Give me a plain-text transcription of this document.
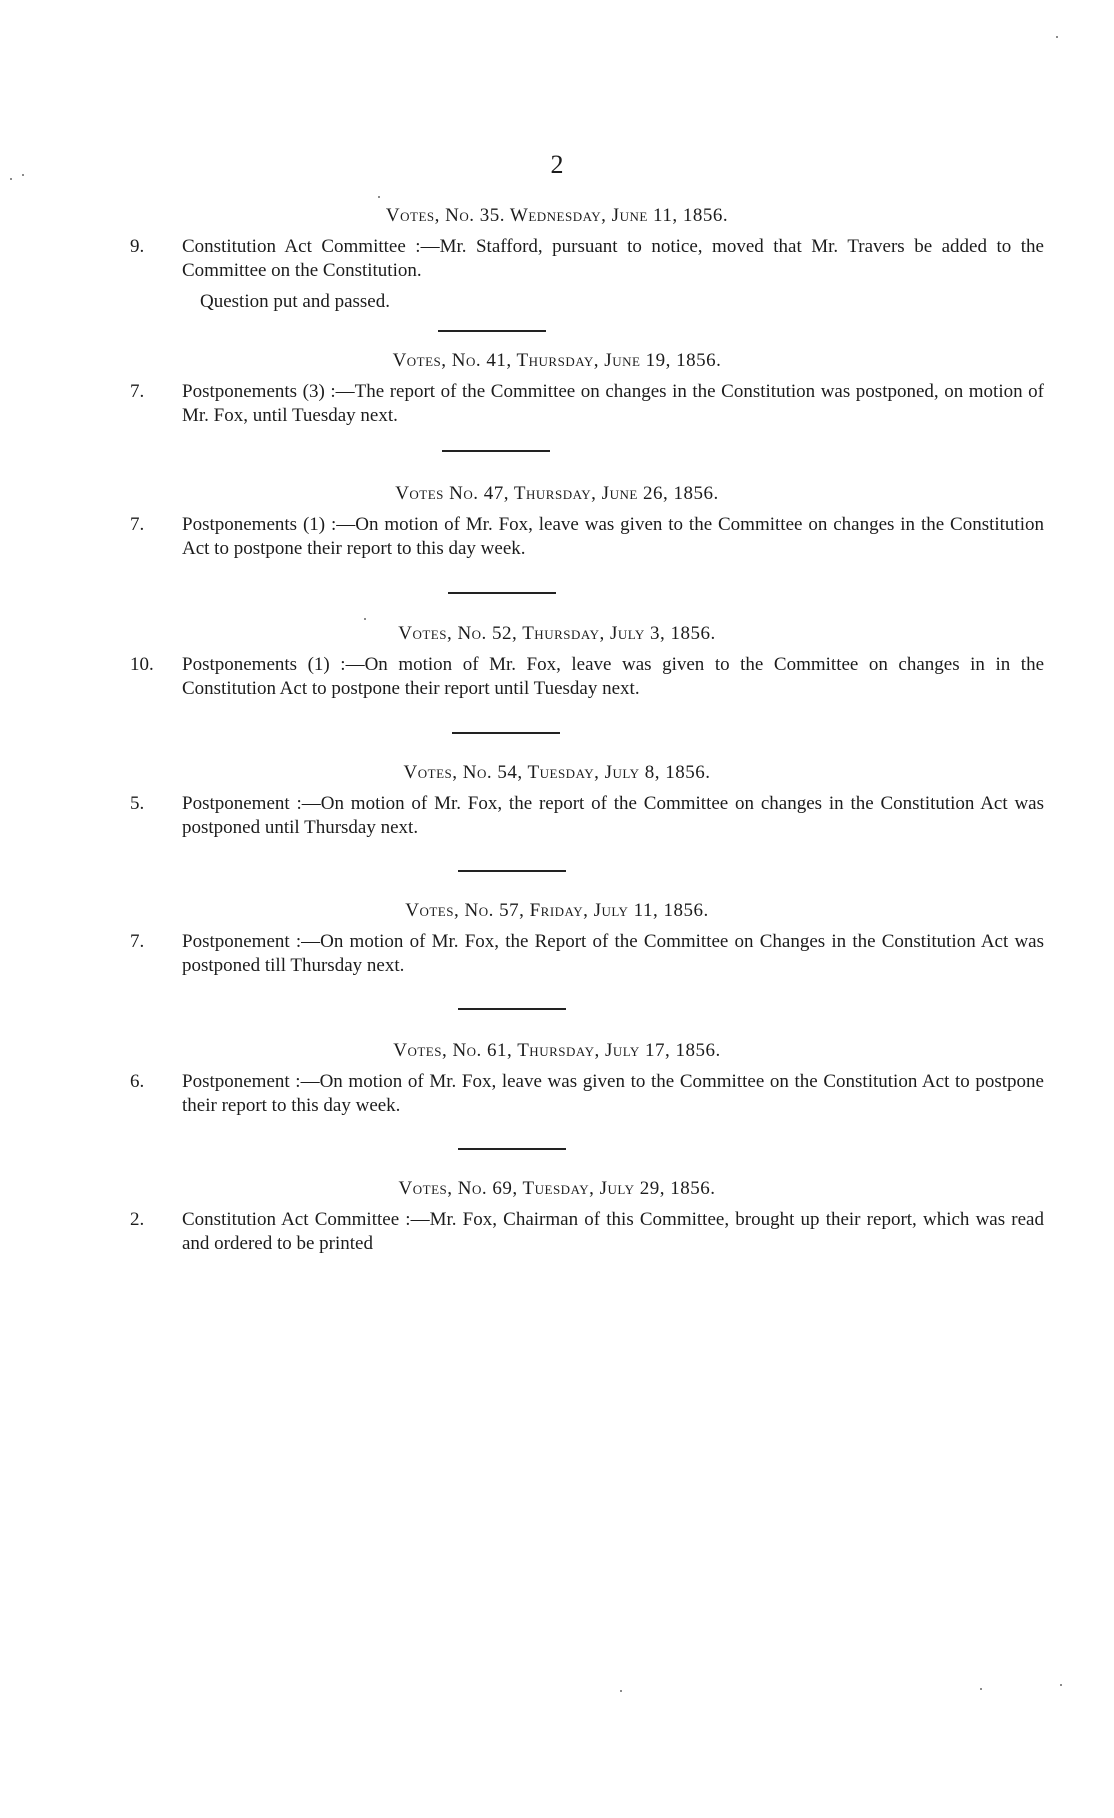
2
Votes, No. 35. Wednesday, June 11, 1856.
9. Constitution Act Committee :—Mr. Stafford, pursuant to notice, moved that Mr. Travers be added to the Committee on the Constitution.
Question put and passed.
Votes, No. 41, Thursday, June 19, 1856.
7. Postponements (3) :—The report of the Committee on changes in the Constitution was postponed, on motion of Mr. Fox, until Tuesday next.
Votes No. 47, Thursday, June 26, 1856.
7. Postponements (1) :—On motion of Mr. Fox, leave was given to the Committee on changes in the Constitution Act to postpone their report to this day week.
Votes, No. 52, Thursday, July 3, 1856.
10. Postponements (1) :—On motion of Mr. Fox, leave was given to the Committee on changes in in the Constitution Act to postpone their report until Tuesday next.
Votes, No. 54, Tuesday, July 8, 1856.
5. Postponement :—On motion of Mr. Fox, the report of the Committee on changes in the Constitution Act was postponed until Thursday next.
Votes, No. 57, Friday, July 11, 1856.
7. Postponement :—On motion of Mr. Fox, the Report of the Committee on Changes in the Constitution Act was postponed till Thursday next.
Votes, No. 61, Thursday, July 17, 1856.
6. Postponement :—On motion of Mr. Fox, leave was given to the Committee on the Constitution Act to postpone their report to this day week.
Votes, No. 69, Tuesday, July 29, 1856.
2. Constitution Act Committee :—Mr. Fox, Chairman of this Committee, brought up their report, which was read and ordered to be printed
